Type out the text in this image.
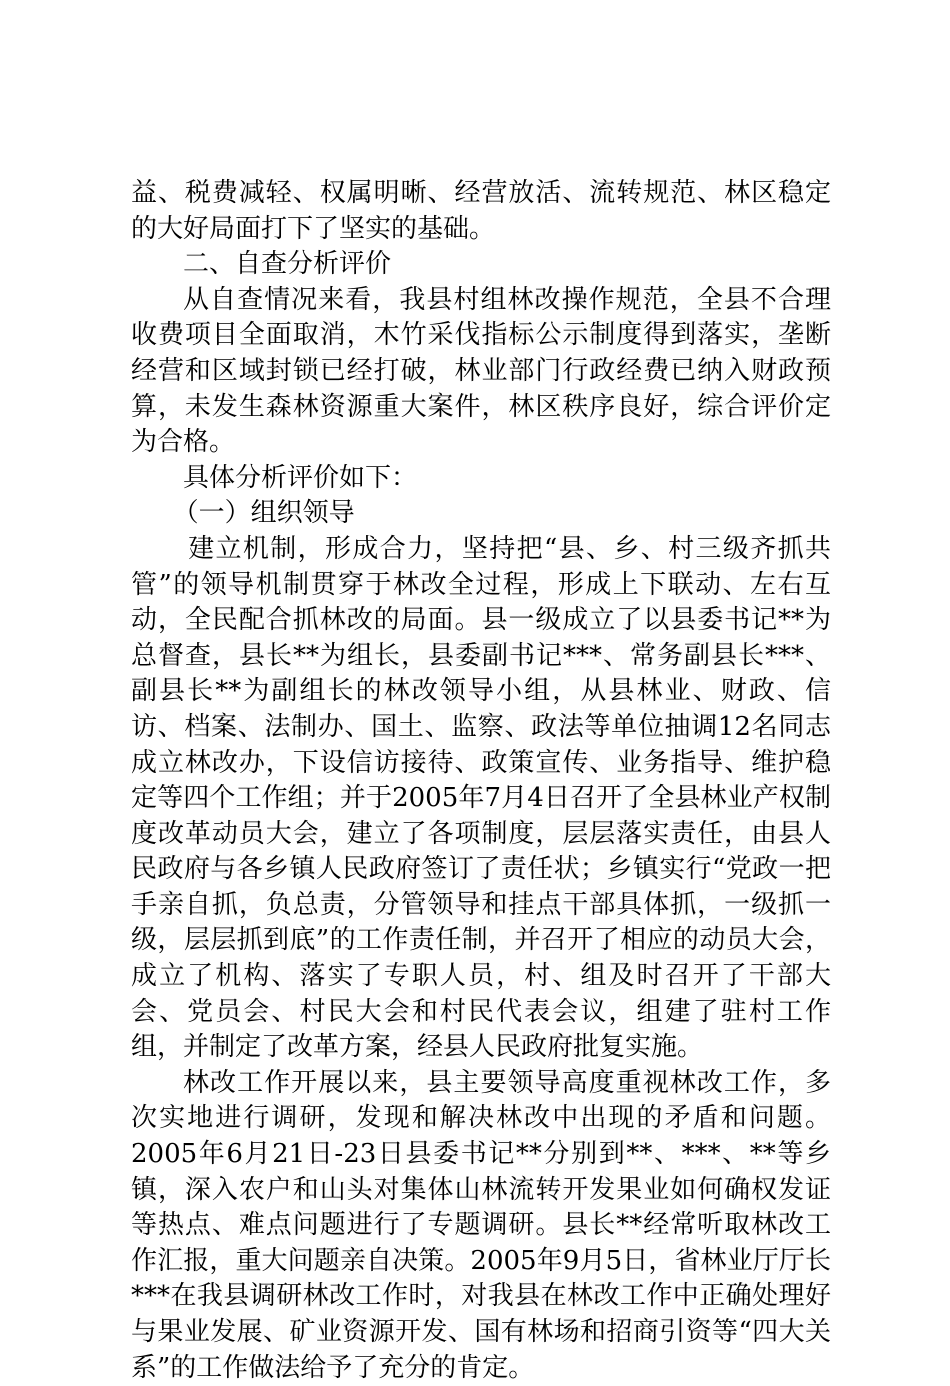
益、税费减轻、权属明晰、经营放活、流转规范、林区稳定的大好局面打下了坚实的基础。

二、自查分析评价

从自查情况来看，我县村组林改操作规范，全县不合理收费项目全面取消，木竹采伐指标公示制度得到落实，垄断经营和区域封锁已经打破，林业部门行政经费已纳入财政预算，未发生森林资源重大案件，林区秩序良好，综合评价定为合格。

具体分析评价如下：

（一）组织领导

建立机制，形成合力，坚持把“县、乡、村三级齐抓共管”的领导机制贯穿于林改全过程，形成上下联动、左右互动，全民配合抓林改的局面。县一级成立了以县委书记**为总督查，县长**为组长，县委副书记***、常务副县长***、副县长**为副组长的林改领导小组，从县林业、财政、信访、档案、法制办、国土、监察、政法等单位抽调12名同志成立林改办，下设信访接待、政策宣传、业务指导、维护稳定等四个工作组；并于2005年7月4日召开了全县林业产权制度改革动员大会，建立了各项制度，层层落实责任，由县人民政府与各乡镇人民政府签订了责任状；乡镇实行“党政一把手亲自抓，负总责，分管领导和挂点干部具体抓，一级抓一级，层层抓到底”的工作责任制，并召开了相应的动员大会，成立了机构、落实了专职人员，村、组及时召开了干部大会、党员会、村民大会和村民代表会议，组建了驻村工作组，并制定了改革方案，经县人民政府批复实施。

林改工作开展以来，县主要领导高度重视林改工作，多次实地进行调研，发现和解决林改中出现的矛盾和问题。2005年6月21日-23日县委书记**分别到**、***、**等乡镇，深入农户和山头对集体山林流转开发果业如何确权发证等热点、难点问题进行了专题调研。县长**经常听取林改工作汇报，重大问题亲自决策。2005年9月5日，省林业厅厅长***在我县调研林改工作时，对我县在林改工作中正确处理好与果业发展、矿业资源开发、国有林场和招商引资等“四大关系”的工作做法给予了充分的肯定。
